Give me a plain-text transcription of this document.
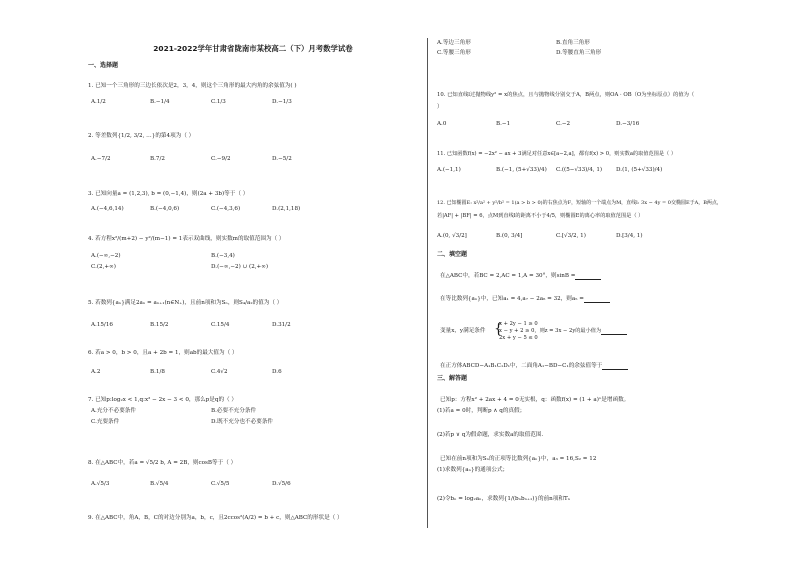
2021-2022学年甘肃省陇南市某校高二（下）月考数学试卷
一、选择题
1. 已知一个三角形的三边长依次是2，3，4，则这个三角形的最大内角的余弦值为( )
A.1/2	B.−1/4	C.1/3	D.−1/3
2. 等差数列{1/2, 3/2, …}的第4项为（ ）
A.−7/2	B.7/2	C.−9/2	D.−5/2
3. 已知向量a = (1,2,3), b = (0,−1,4)，则(2a + 3b)等于（ ）
A.(−4,6,14)	B.(−4,0,6)	C.(−4,3,6)	D.(2,1,18)
4. 若方程x²/(m+2) − y²/(m−1) = 1表示双曲线，则实数m的取值范围为（ ）
A.(−∞,−2)	B.(−3,4)
C.(2,+∞)	D.(−∞,−2) ∪ (2,+∞)
5. 若数列{aₙ}满足2aₙ = aₙ₊₁(n∈N₊)，且前n项和为Sₙ，则S₄/a₂的值为（ ）
A.15/16	B.15/2	C.15/4	D.31/2
6. 若a > 0，b > 0，且a + 2b = 1，则ab的最大值为（ ）
A.2	B.1/8	C.4√2	D.6
7. 已知p:log₂x < 1,q:x² − 2x − 3 < 0，那么p是q的（ ）
A.充分不必要条件	B.必要不充分条件
C.充要条件	D.既不充分也不必要条件
8. 在△ABC中，若a = √5/2 b, A = 2B，则cosB等于（ ）
A.√5/3	B.√5/4	C.√5/5	D.√5/6
9. 在△ABC中，角A，B，C的对边分别为a，b，c，且2ccos²(A/2) = b + c，则△ABC的形状是（ ）
A.等边三角形	B.直角三角形
C.等腰三角形	D.等腰直角三角形
10. 已知直线l过抛物线y² = x的焦点，且与抛物线分别交于A，B两点，则OA · OB（O为坐标原点）的值为（
）
A.0	B.−1	C.−2	D.−3/16
11. 已知函数f(x) = −2x² − ax + 3满足对任意x∈[a−2,a]，都有f(x) > 0，则实数a的取值范围是（ ）
A.(−1,1)	B.(−1, (5+√33)/4) C.((5−√33)/4, 1) D.(1, (5+√33)/4)
12. 已知椭圆E: x²/a² + y²/b² = 1(a > b > 0)的右焦点为F，短轴的一个端点为M，直线l: 3x − 4y = 0交椭圆E于A，B两点，
若|AF| + |BF| = 6，点M到直线l的距离不小于4/5，则椭圆E的离心率的取值范围是（ ）
A.(0, √3/2]	B.(0, 3/4]	C.[√3/2, 1)	D.[3/4, 1)
二、填空题
在△ABC中，若BC = 2,AC = 1,A = 30°，则sinB =
在等比数列{aₙ}中，已知a₁ = 4,a₇ − 2a₆ = 32，则a₅ =
变量x，y满足条件
x + 2y − 1 ≥ 0
x − y + 2 ≥ 0，则z = 3x − 2y的最小值为
2x + y − 5 ≤ 0
{
在正方体ABCD−A₁B₁C₁D₁中，二面角A₁−BD−C₁的余弦值等于
三、解答题
已知p：方程x² + 2ax + 4 = 0无实根，q：函数f(x) = (1 + a)ˣ是增函数。
(1)若a = 0时，判断p ∧ q的真假；
(2)若p ∨ q为假命题，求实数a的取值范围.
已知在前n项和为Sₙ的正项等比数列{aₙ}中，a₃ = 16,S₂ = 12
(1)求数列{aₙ}的通项公式；
(2)令bₙ = log₂aₙ，求数列{1/(bₙbₙ₊₁)}的前n项和Tₙ
